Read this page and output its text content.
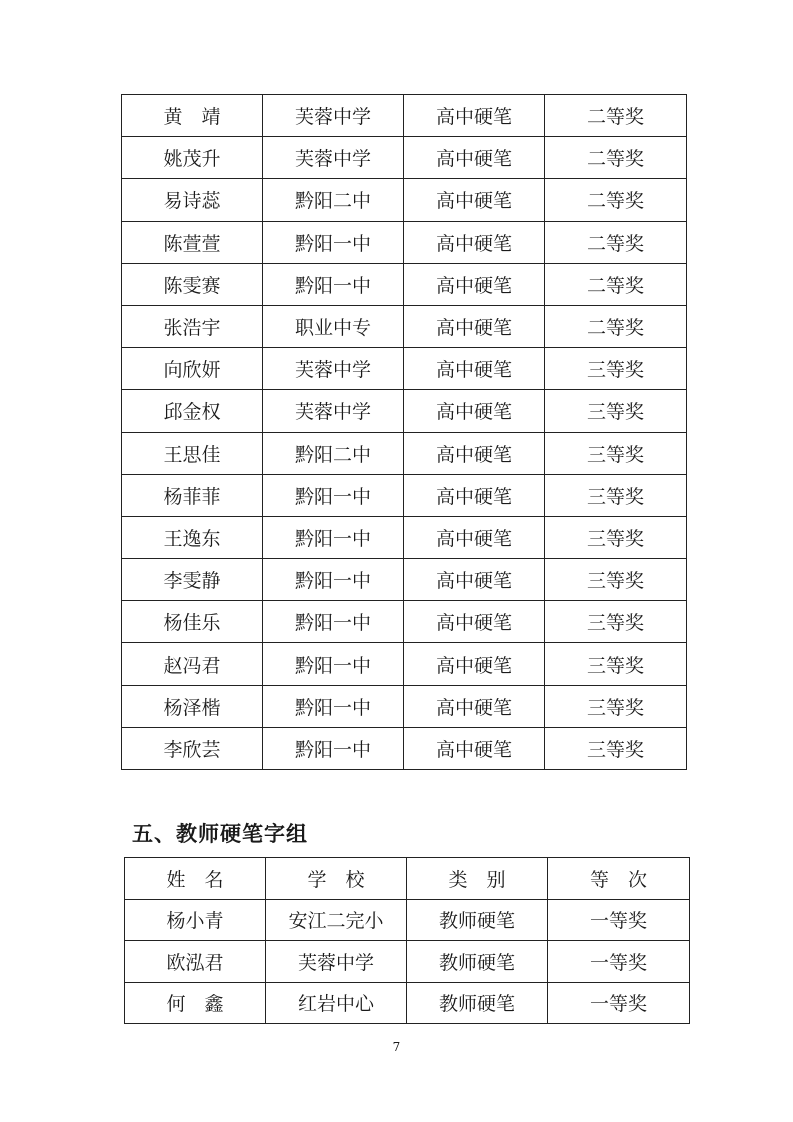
黄　靖	芙蓉中学	高中硬笔	二等奖
姚茂升	芙蓉中学	高中硬笔	二等奖
易诗蕊	黔阳二中	高中硬笔	二等奖
陈萱萱	黔阳一中	高中硬笔	二等奖
陈雯赛	黔阳一中	高中硬笔	二等奖
张浩宇	职业中专	高中硬笔	二等奖
向欣妍	芙蓉中学	高中硬笔	三等奖
邱金权	芙蓉中学	高中硬笔	三等奖
王思佳	黔阳二中	高中硬笔	三等奖
杨菲菲	黔阳一中	高中硬笔	三等奖
王逸东	黔阳一中	高中硬笔	三等奖
李雯静	黔阳一中	高中硬笔	三等奖
杨佳乐	黔阳一中	高中硬笔	三等奖
赵冯君	黔阳一中	高中硬笔	三等奖
杨泽楷	黔阳一中	高中硬笔	三等奖
李欣芸	黔阳一中	高中硬笔	三等奖
五、教师硬笔字组
姓　名	学　校	类　别	等　次
杨小青	安江二完小	教师硬笔	一等奖
欧泓君	芙蓉中学	教师硬笔	一等奖
何　鑫	红岩中心	教师硬笔	一等奖
7
